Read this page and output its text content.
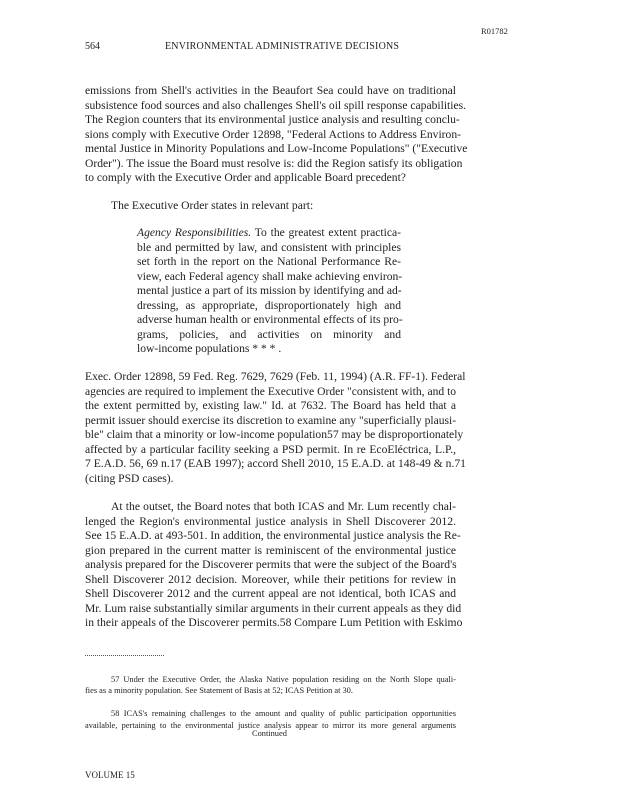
R01782
564	ENVIRONMENTAL ADMINISTRATIVE DECISIONS
emissions from Shell's activities in the Beaufort Sea could have on traditional
subsistence food sources and also challenges Shell's oil spill response capabilities.
The Region counters that its environmental justice analysis and resulting conclu-
sions comply with Executive Order 12898, "Federal Actions to Address Environ-
mental Justice in Minority Populations and Low-Income Populations" ("Executive
Order"). The issue the Board must resolve is: did the Region satisfy its obligation
to comply with the Executive Order and applicable Board precedent?
The Executive Order states in relevant part:
Agency Responsibilities. To the greatest extent practica-
ble and permitted by law, and consistent with principles
set forth in the report on the National Performance Re-
view, each Federal agency shall make achieving environ-
mental justice a part of its mission by identifying and ad-
dressing, as appropriate, disproportionately high and
adverse human health or environmental effects of its pro-
grams, policies, and activities on minority and
low-income populations * * * .
Exec. Order 12898, 59 Fed. Reg. 7629, 7629 (Feb. 11, 1994) (A.R. FF-1). Federal
agencies are required to implement the Executive Order "consistent with, and to
the extent permitted by, existing law." Id. at 7632. The Board has held that a
permit issuer should exercise its discretion to examine any "superficially plausi-
ble" claim that a minority or low-income population57 may be disproportionately
affected by a particular facility seeking a PSD permit. In re EcoEléctrica, L.P.,
7 E.A.D. 56, 69 n.17 (EAB 1997); accord Shell 2010, 15 E.A.D. at 148-49 & n.71
(citing PSD cases).
At the outset, the Board notes that both ICAS and Mr. Lum recently chal-
lenged the Region's environmental justice analysis in Shell Discoverer 2012.
See 15 E.A.D. at 493-501. In addition, the environmental justice analysis the Re-
gion prepared in the current matter is reminiscent of the environmental justice
analysis prepared for the Discoverer permits that were the subject of the Board's
Shell Discoverer 2012 decision. Moreover, while their petitions for review in
Shell Discoverer 2012 and the current appeal are not identical, both ICAS and
Mr. Lum raise substantially similar arguments in their current appeals as they did
in their appeals of the Discoverer permits.58 Compare Lum Petition with Eskimo
57 Under the Executive Order, the Alaska Native population residing on the North Slope quali-
fies as a minority population. See Statement of Basis at 52; ICAS Petition at 30.
58 ICAS's remaining challenges to the amount and quality of public participation opportunities
available, pertaining to the environmental justice analysis appear to mirror its more general arguments
Continued
VOLUME 15
